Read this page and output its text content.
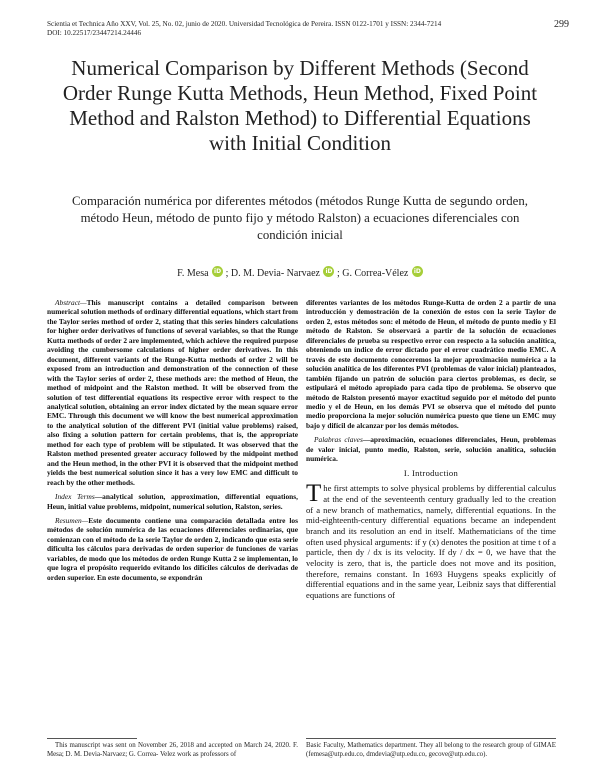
Scientia et Technica Año XXV, Vol. 25, No. 02, junio de 2020. Universidad Tecnológica de Pereira. ISSN 0122-1701 y ISSN: 2344-7214
DOI: 10.22517/23447214.24446
299
Numerical Comparison by Different Methods (Second Order Runge Kutta Methods, Heun Method, Fixed Point Method and Ralston Method) to Differential Equations with Initial Condition
Comparación numérica por diferentes métodos (métodos Runge Kutta de segundo orden, método Heun, método de punto fijo y método Ralston) a ecuaciones diferenciales con condición inicial
F. Mesa iD ; D. M. Devia- Narvaez iD ; G. Correa-Vélez iD

Abstract—This manuscript contains a detailed comparison between numerical solution methods of ordinary differential equations, which start from the Taylor series method of order 2, stating that this series hinders calculations for higher order derivatives of functions of several variables, so that the Runge Kutta methods of order 2 are implemented, which achieve the required purpose avoiding the cumbersome calculations of higher order derivatives. In this document, different variants of the Runge-Kutta methods of order 2 will be exposed from an introduction and demonstration of the connection of these with the Taylor series of order 2, these methods are: the method of Heun, the method of midpoint and the Ralston method. It will be observed from the solution of test differential equations its respective error with respect to the analytical solution, obtaining an error index dictated by the mean square error EMC. Through this document we will know the best numerical approximation to the analytical solution of the different PVI (initial value problems) raised, also fixing a solution pattern for certain problems, that is, the appropriate method for each type of problem will be stipulated. It was observed that the Ralston method presented greater accuracy followed by the midpoint method and the Heun method, in the other PVI it is observed that the midpoint method yields the best numerical solution since it has a very low EMC and difficult to reach by the other methods.

Index Terms—analytical solution, approximation, differential equations, Heun, initial value problems, midpoint, numerical solution, Ralston, series.

Resumen—Este documento contiene una comparación detallada entre los métodos de solución numérica de las ecuaciones diferenciales ordinarias, que comienzan con el método de la serie Taylor de orden 2, indicando que esta serie dificulta los cálculos para derivadas de orden superior de funciones de varias variables, de modo que los métodos de orden Runge Kutta 2 se implementan, lo que logra el propósito requerido evitando los difíciles cálculos de derivadas de orden superior. En este documento, se expondrán

diferentes variantes de los métodos Runge-Kutta de orden 2 a partir de una introducción y demostración de la conexión de estos con la serie Taylor de orden 2, estos métodos son: el método de Heun, el método de punto medio y El método de Ralston. Se observará a partir de la solución de ecuaciones diferenciales de prueba su respectivo error con respecto a la solución analítica, obteniendo un índice de error dictado por el error cuadrático medio EMC. A través de este documento conoceremos la mejor aproximación numérica a la solución analítica de los diferentes PVI (problemas de valor inicial) planteados, también fijando un patrón de solución para ciertos problemas, es decir, se estipulará el método apropiado para cada tipo de problema. Se observo que método de Ralston presentó mayor exactitud seguido por el método del punto medio y el de Heun, en los demás PVI se observa que el método del punto medio proporciona la mejor solución numérica puesto que tiene un EMC muy bajo y difícil de alcanzar por los demás métodos.

Palabras claves—aproximación, ecuaciones diferenciales, Heun, problemas de valor inicial, punto medio, Ralston, serie, solución analítica, solución numérica.

I. Introduction

The first attempts to solve physical problems by differential calculus at the end of the seventeenth century gradually led to the creation of a new branch of mathematics, namely, differential equations. In the mid-eighteenth-century differential equations became an independent branch and its resolution an end in itself. Mathematicians of the time often used physical arguments: if y (x) denotes the position at time t of a particle, then dy / dx is its velocity. If dy / dx = 0, we have that the velocity is zero, that is, the particle does not move and its position, therefore, remains constant. In 1693 Huygens speaks explicitly of differential equations and in the same year, Leibniz says that differential equations are functions of

This manuscript was sent on November 26, 2018 and accepted on March 24, 2020. F. Mesa; D. M. Devia-Narvaez; G. Correa- Velez work as professors of
Basic Faculty, Mathematics department. They all belong to the research group of GIMAE (femesa@utp.edu.co, dmdevia@utp.edu.co, gecove@utp.edu.co).
